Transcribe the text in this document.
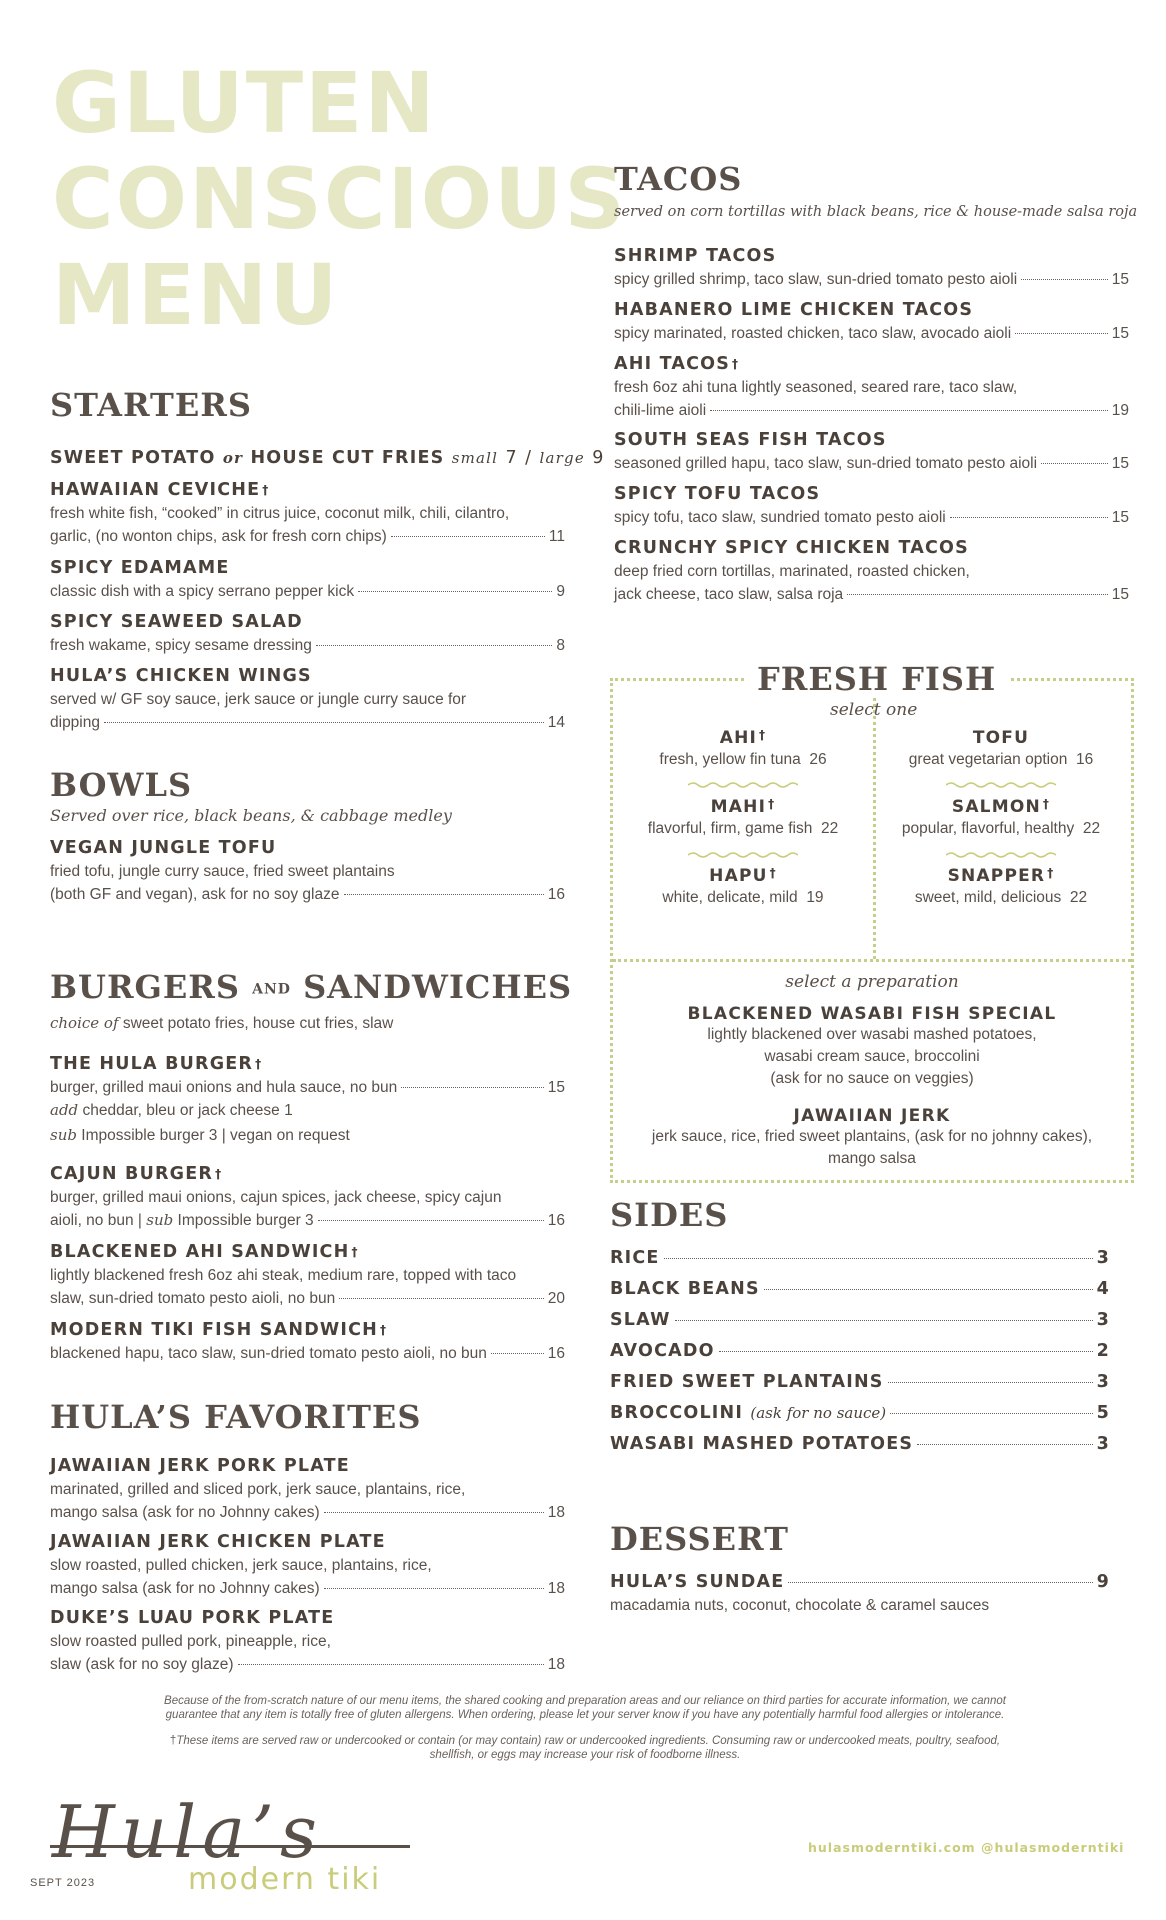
GLUTEN
CONSCIOUS
MENU
STARTERS
SWEET POTATO or HOUSE CUT FRIES small 7 / large 9
HAWAIIAN CEVICHE †
fresh white fish, “cooked” in citrus juice, coconut milk, chili, cilantro,
garlic, (no wonton chips, ask for fresh corn chips)	11
SPICY EDAMAME
classic dish with a spicy serrano pepper kick	9
SPICY SEAWEED SALAD
fresh wakame, spicy sesame dressing	8
HULA’S CHICKEN WINGS
served w/ GF soy sauce, jerk sauce or jungle curry sauce for
dipping	14
BOWLS
Served over rice, black beans, & cabbage medley
VEGAN JUNGLE TOFU
fried tofu, jungle curry sauce, fried sweet plantains
(both GF and vegan), ask for no soy glaze	16
BURGERS AND SANDWICHES
choice of sweet potato fries, house cut fries, slaw
THE HULA BURGER †
burger, grilled maui onions and hula sauce, no bun	15
add cheddar, bleu or jack cheese 1
sub Impossible burger 3 | vegan on request
CAJUN BURGER †
burger, grilled maui onions, cajun spices, jack cheese, spicy cajun
aioli, no bun | sub Impossible burger 3	16
BLACKENED AHI SANDWICH †
lightly blackened fresh 6oz ahi steak, medium rare, topped with taco
slaw, sun-dried tomato pesto aioli, no bun	20
MODERN TIKI FISH SANDWICH †
blackened hapu, taco slaw, sun-dried tomato pesto aioli, no bun	16
HULA’S FAVORITES
JAWAIIAN JERK PORK PLATE
marinated, grilled and sliced pork, jerk sauce, plantains, rice,
mango salsa (ask for no Johnny cakes)	18
JAWAIIAN JERK CHICKEN PLATE
slow roasted, pulled chicken, jerk sauce, plantains, rice,
mango salsa (ask for no Johnny cakes)	18
DUKE’S LUAU PORK PLATE
slow roasted pulled pork, pineapple, rice,
slaw (ask for no soy glaze)	18
TACOS
served on corn tortillas with black beans, rice & house-made salsa roja
SHRIMP TACOS
spicy grilled shrimp, taco slaw, sun-dried tomato pesto aioli	15
HABANERO LIME CHICKEN TACOS
spicy marinated, roasted chicken, taco slaw, avocado aioli	15
AHI TACOS †
fresh 6oz ahi tuna lightly seasoned, seared rare, taco slaw,
chili-lime aioli	19
SOUTH SEAS FISH TACOS
seasoned grilled hapu, taco slaw, sun-dried tomato pesto aioli	15
SPICY TOFU TACOS
spicy tofu, taco slaw, sundried tomato pesto aioli	15
CRUNCHY SPICY CHICKEN TACOS
deep fried corn tortillas, marinated, roasted chicken,
jack cheese, taco slaw, salsa roja	15
FRESH FISH
select one
AHI †
fresh, yellow fin tuna 26
MAHI †
flavorful, firm, game fish 22
HAPU †
white, delicate, mild 19
TOFU
great vegetarian option 16
SALMON †
popular, flavorful, healthy 22
SNAPPER †
sweet, mild, delicious 22
select a preparation
BLACKENED WASABI FISH SPECIAL
lightly blackened over wasabi mashed potatoes,
wasabi cream sauce, broccolini
(ask for no sauce on veggies)
JAWAIIAN JERK
jerk sauce, rice, fried sweet plantains, (ask for no johnny cakes),
mango salsa
SIDES
RICE	3
BLACK BEANS	4
SLAW	3
AVOCADO	2
FRIED SWEET PLANTAINS	3
BROCCOLINI (ask for no sauce)	5
WASABI MASHED POTATOES	3
DESSERT
HULA’S SUNDAE	9
macadamia nuts, coconut, chocolate & caramel sauces
Because of the from-scratch nature of our menu items, the shared cooking and preparation areas and our reliance on third parties for accurate information, we cannot
guarantee that any item is totally free of gluten allergens. When ordering, please let your server know if you have any potentially harmful food allergies or intolerance.
†These items are served raw or undercooked or contain (or may contain) raw or undercooked ingredients. Consuming raw or undercooked meats, poultry, seafood,
shellfish, or eggs may increase your risk of foodborne illness.
Hula’s
modern tiki
SEPT 2023
hulasmoderntiki.com @hulasmoderntiki
